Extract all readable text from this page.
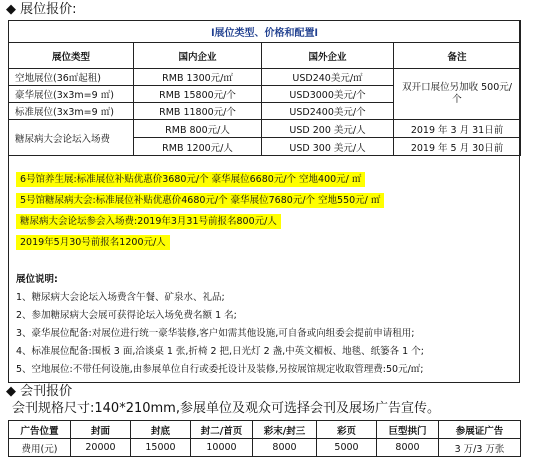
◆ 展位报价:
l展位类型、价格和配置l			
展位类型	国内企业	国外企业	备注
空地展位(36㎡起租)	RMB 1300元/㎡	USD240美元/㎡	双开口展位另加收 500元/个
豪华展位(3x3m=9 ㎡)	RMB 15800元/个	USD3000美元/个	
标准展位(3x3m=9 ㎡)	RMB 11800元/个	USD2400美元/个	
糖尿病大会论坛入场费	RMB 800元/人	USD 200 美元/人	2019 年 3 月 31日前
	RMB 1200元/人	USD 300 美元/人	2019 年 5 月 30日前
6号馆养生展:标准展位补贴优惠价3680元/个 豪华展位6680元/个 空地400元/ ㎡
5号馆糖尿病大会:标准展位补贴优惠价4680元/个 豪华展位7680元/个 空地550元/ ㎡
糖尿病大会论坛参会入场费:2019年3月31号前报名800元/人
2019年5月30号前报名1200元/人
展位说明:
1、糖尿病大会论坛入场费含午餐、矿泉水、礼品;
2、参加糖尿病大会展可获得论坛入场免费名额 1 名;
3、豪华展位配备:对展位进行统一豪华装修,客户如需其他设施,可自备或向组委会提前申请租用;
4、标准展位配备:围板 3 面,洽谈桌 1 张,折椅 2 把,日光灯 2 盏,中英文楣板、地毯、纸篓各 1 个;
5、空地展位:不带任何设施,由参展单位自行或委托设计及装修,另按展馆规定收取管理费:50元/㎡;
◆ 会刊报价
会刊规格尺寸:140*210mm,参展单位及观众可选择会刊及展场广告宣传。
广告位置	封面	封底	封二/首页	彩末/封三	彩页	巨型拱门	参展证广告
费用(元)	20000	15000	10000	8000	5000	8000	3 万/3 万张
